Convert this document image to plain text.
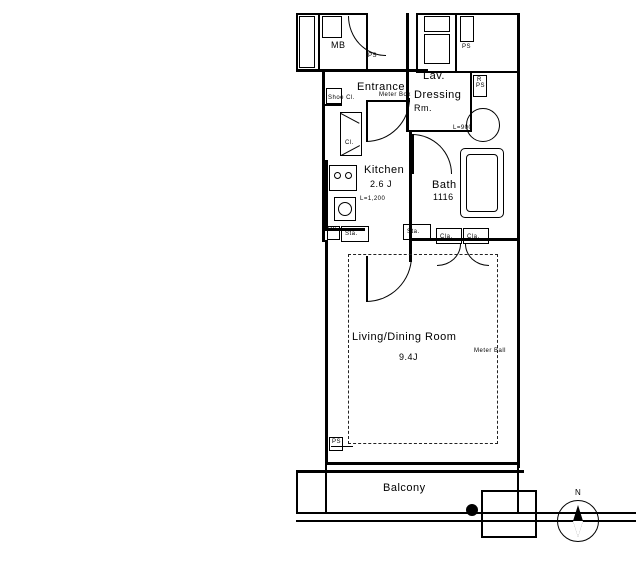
MB
Entrance
Lav.
Dressing
Rm.
Kitchen
2.6 J	Bath
1116
Living/Dining Room
9.4J
Balcony
Shoe Cl.	Meter Box
PS
PS
PS
PS
Cl.
L=900
L=1,200
Sta.	Sta.
Cla. Cla.
Meter Ball
PS
R
N
